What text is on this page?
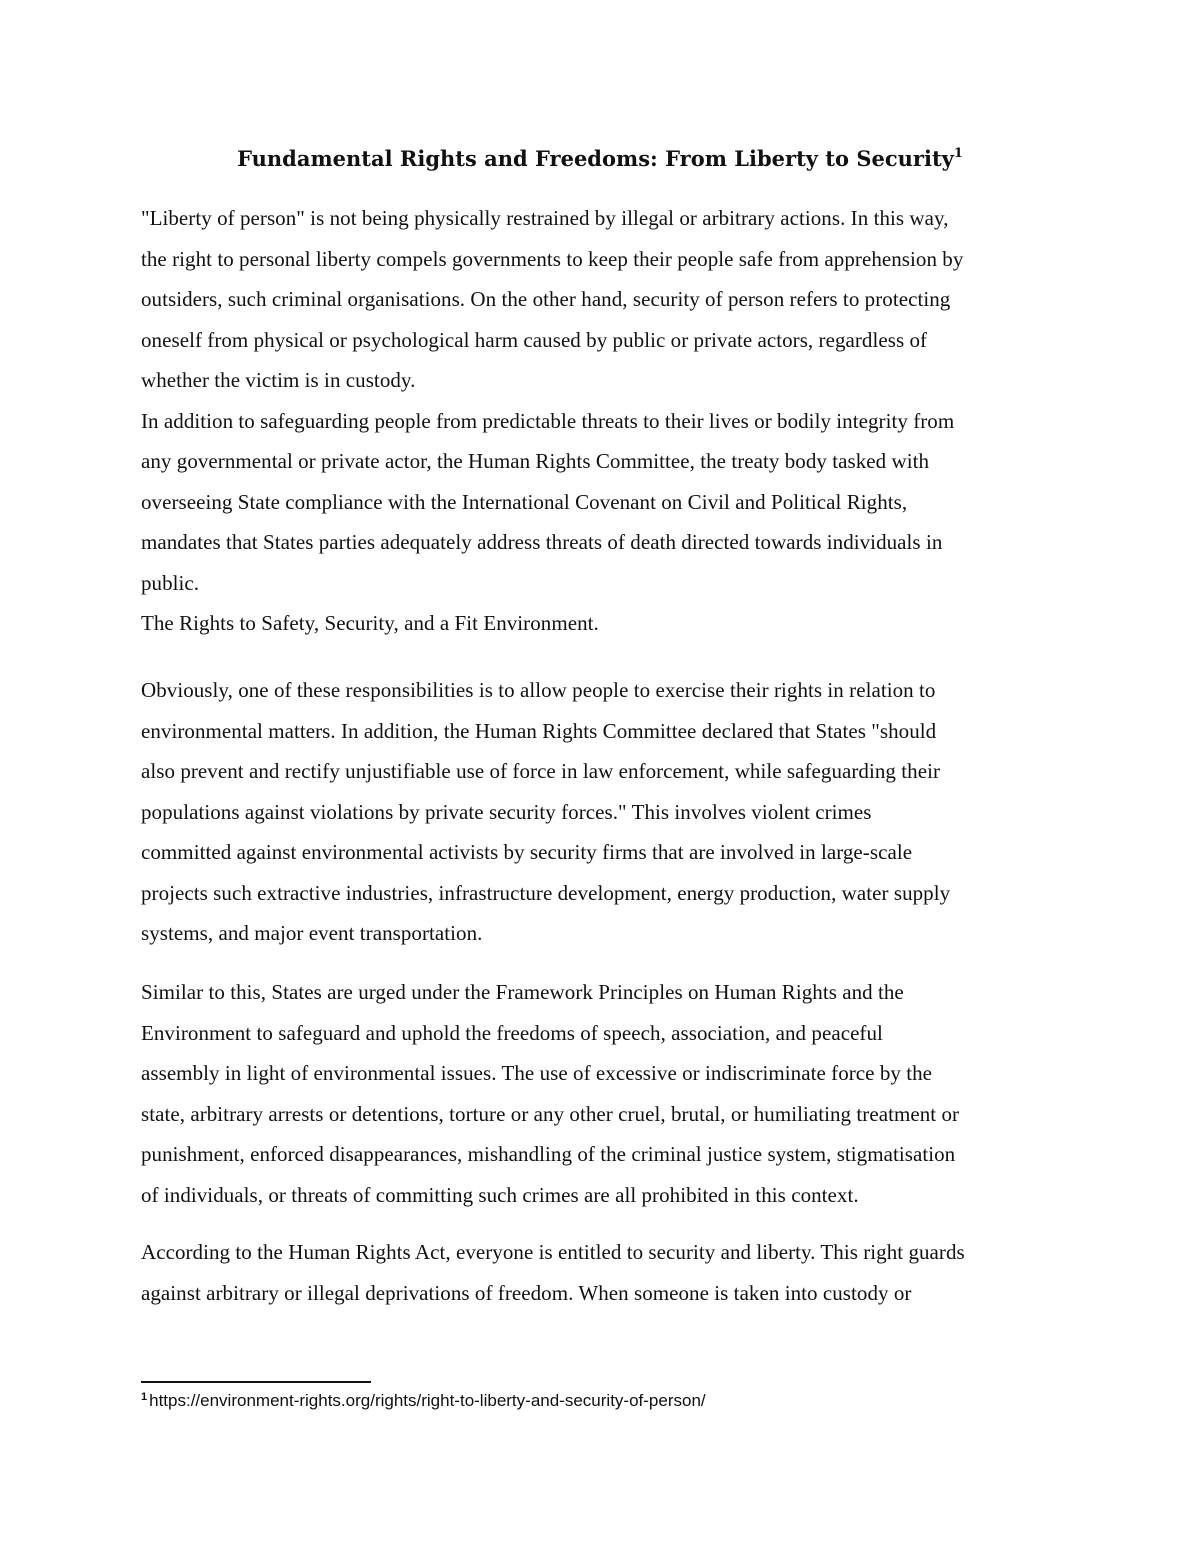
Fundamental Rights and Freedoms: From Liberty to Security$^1$
"Liberty of person" is not being physically restrained by illegal or arbitrary actions. In this way,
the right to personal liberty compels governments to keep their people safe from apprehension by
outsiders, such criminal organisations. On the other hand, security of person refers to protecting
oneself from physical or psychological harm caused by public or private actors, regardless of
whether the victim is in custody.
In addition to safeguarding people from predictable threats to their lives or bodily integrity from
any governmental or private actor, the Human Rights Committee, the treaty body tasked with
overseeing State compliance with the International Covenant on Civil and Political Rights,
mandates that States parties adequately address threats of death directed towards individuals in
public.
The Rights to Safety, Security, and a Fit Environment.
Obviously, one of these responsibilities is to allow people to exercise their rights in relation to
environmental matters. In addition, the Human Rights Committee declared that States "should
also prevent and rectify unjustifiable use of force in law enforcement, while safeguarding their
populations against violations by private security forces." This involves violent crimes
committed against environmental activists by security firms that are involved in large-scale
projects such extractive industries, infrastructure development, energy production, water supply
systems, and major event transportation.
Similar to this, States are urged under the Framework Principles on Human Rights and the
Environment to safeguard and uphold the freedoms of speech, association, and peaceful
assembly in light of environmental issues. The use of excessive or indiscriminate force by the
state, arbitrary arrests or detentions, torture or any other cruel, brutal, or humiliating treatment or
punishment, enforced disappearances, mishandling of the criminal justice system, stigmatisation
of individuals, or threats of committing such crimes are all prohibited in this context.
According to the Human Rights Act, everyone is entitled to security and liberty. This right guards
against arbitrary or illegal deprivations of freedom. When someone is taken into custody or
$^1$ https://environment-rights.org/rights/right-to-liberty-and-security-of-person/
